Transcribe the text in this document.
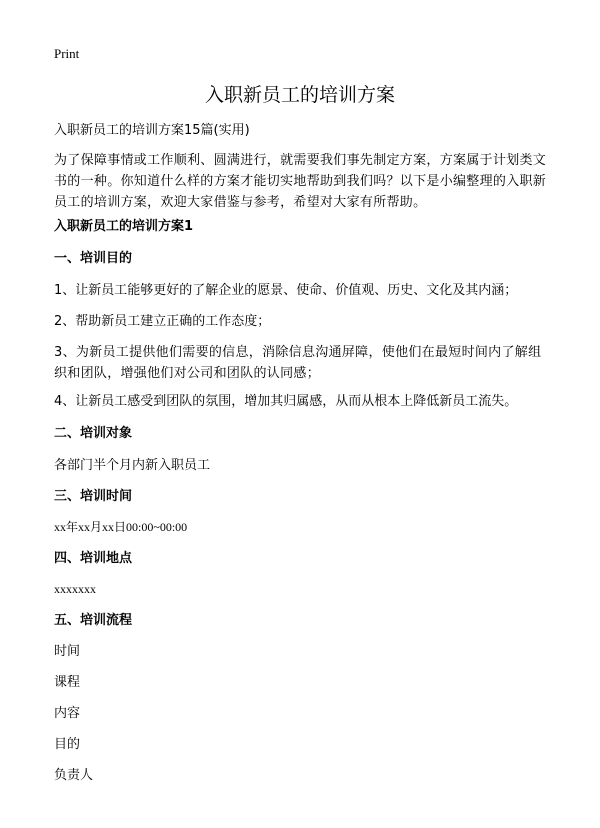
Print
入职新员工的培训方案
入职新员工的培训方案15篇(实用)
为了保障事情或工作顺利、圆满进行，就需要我们事先制定方案，方案属于计划类文书的一种。你知道什么样的方案才能切实地帮助到我们吗？以下是小编整理的入职新员工的培训方案，欢迎大家借鉴与参考，希望对大家有所帮助。
入职新员工的培训方案1
一、培训目的
1、让新员工能够更好的了解企业的愿景、使命、价值观、历史、文化及其内涵；
2、帮助新员工建立正确的工作态度；
3、为新员工提供他们需要的信息，消除信息沟通屏障，使他们在最短时间内了解组织和团队，增强他们对公司和团队的认同感；
4、让新员工感受到团队的氛围，增加其归属感，从而从根本上降低新员工流失。
二、培训对象
各部门半个月内新入职员工
三、培训时间
xx年xx月xx日00:00~00:00
四、培训地点
xxxxxxx
五、培训流程
时间
课程
内容
目的
负责人
